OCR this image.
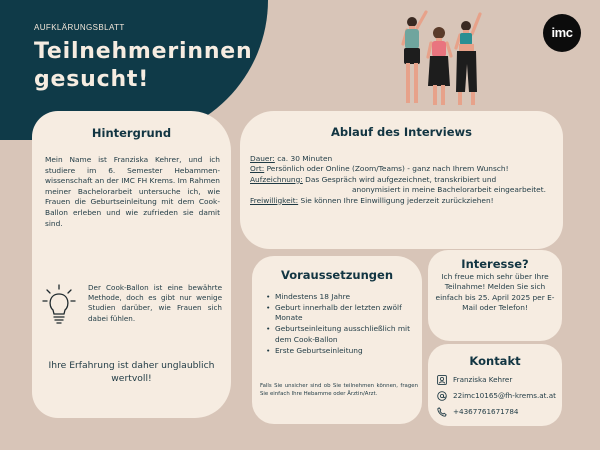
AUFKLÄRUNGSBLATT
Teilnehmerinnen gesucht!
imc
Hintergrund

Mein Name ist Franziska Kehrer, und ich studiere im 6. Semester Hebammen-wissenschaft an der IMC FH Krems. Im Rahmen meiner Bachelorarbeit untersuche ich, wie Frauen die Geburtseinleitung mit dem Cook-Ballon erleben und wie zufrieden sie damit sind.

Der Cook-Ballon ist eine bewährte Methode, doch es gibt nur wenige Studien darüber, wie Frauen sich dabei fühlen.

Ihre Erfahrung ist daher unglaublich wertvoll!

Ablauf des Interviews
Dauer: ca. 30 Minuten
Ort: Persönlich oder Online (Zoom/Teams) - ganz nach Ihrem Wunsch!
Aufzeichnung: Das Gespräch wird aufgezeichnet, transkribiert und
anonymisiert in meine Bachelorarbeit eingearbeitet.
Freiwilligkeit: Sie können Ihre Einwilligung jederzeit zurückziehen!
Voraussetzungen
• Mindestens 18 Jahre
• Geburt innerhalb der letzten zwölf Monate
• Geburtseinleitung ausschließlich mit dem Cook-Ballon
• Erste Geburtseinleitung

Falls Sie unsicher sind ob Sie teilnehmen können, fragen Sie einfach Ihre Hebamme oder Ärztin/Arzt.

Interesse?

Ich freue mich sehr über Ihre Teilnahme! Melden Sie sich einfach bis 25. April 2025 per E-Mail oder Telefon!

Kontakt
Franziska Kehrer
22imc10165@fh-krems.at.at
+4367761671784
